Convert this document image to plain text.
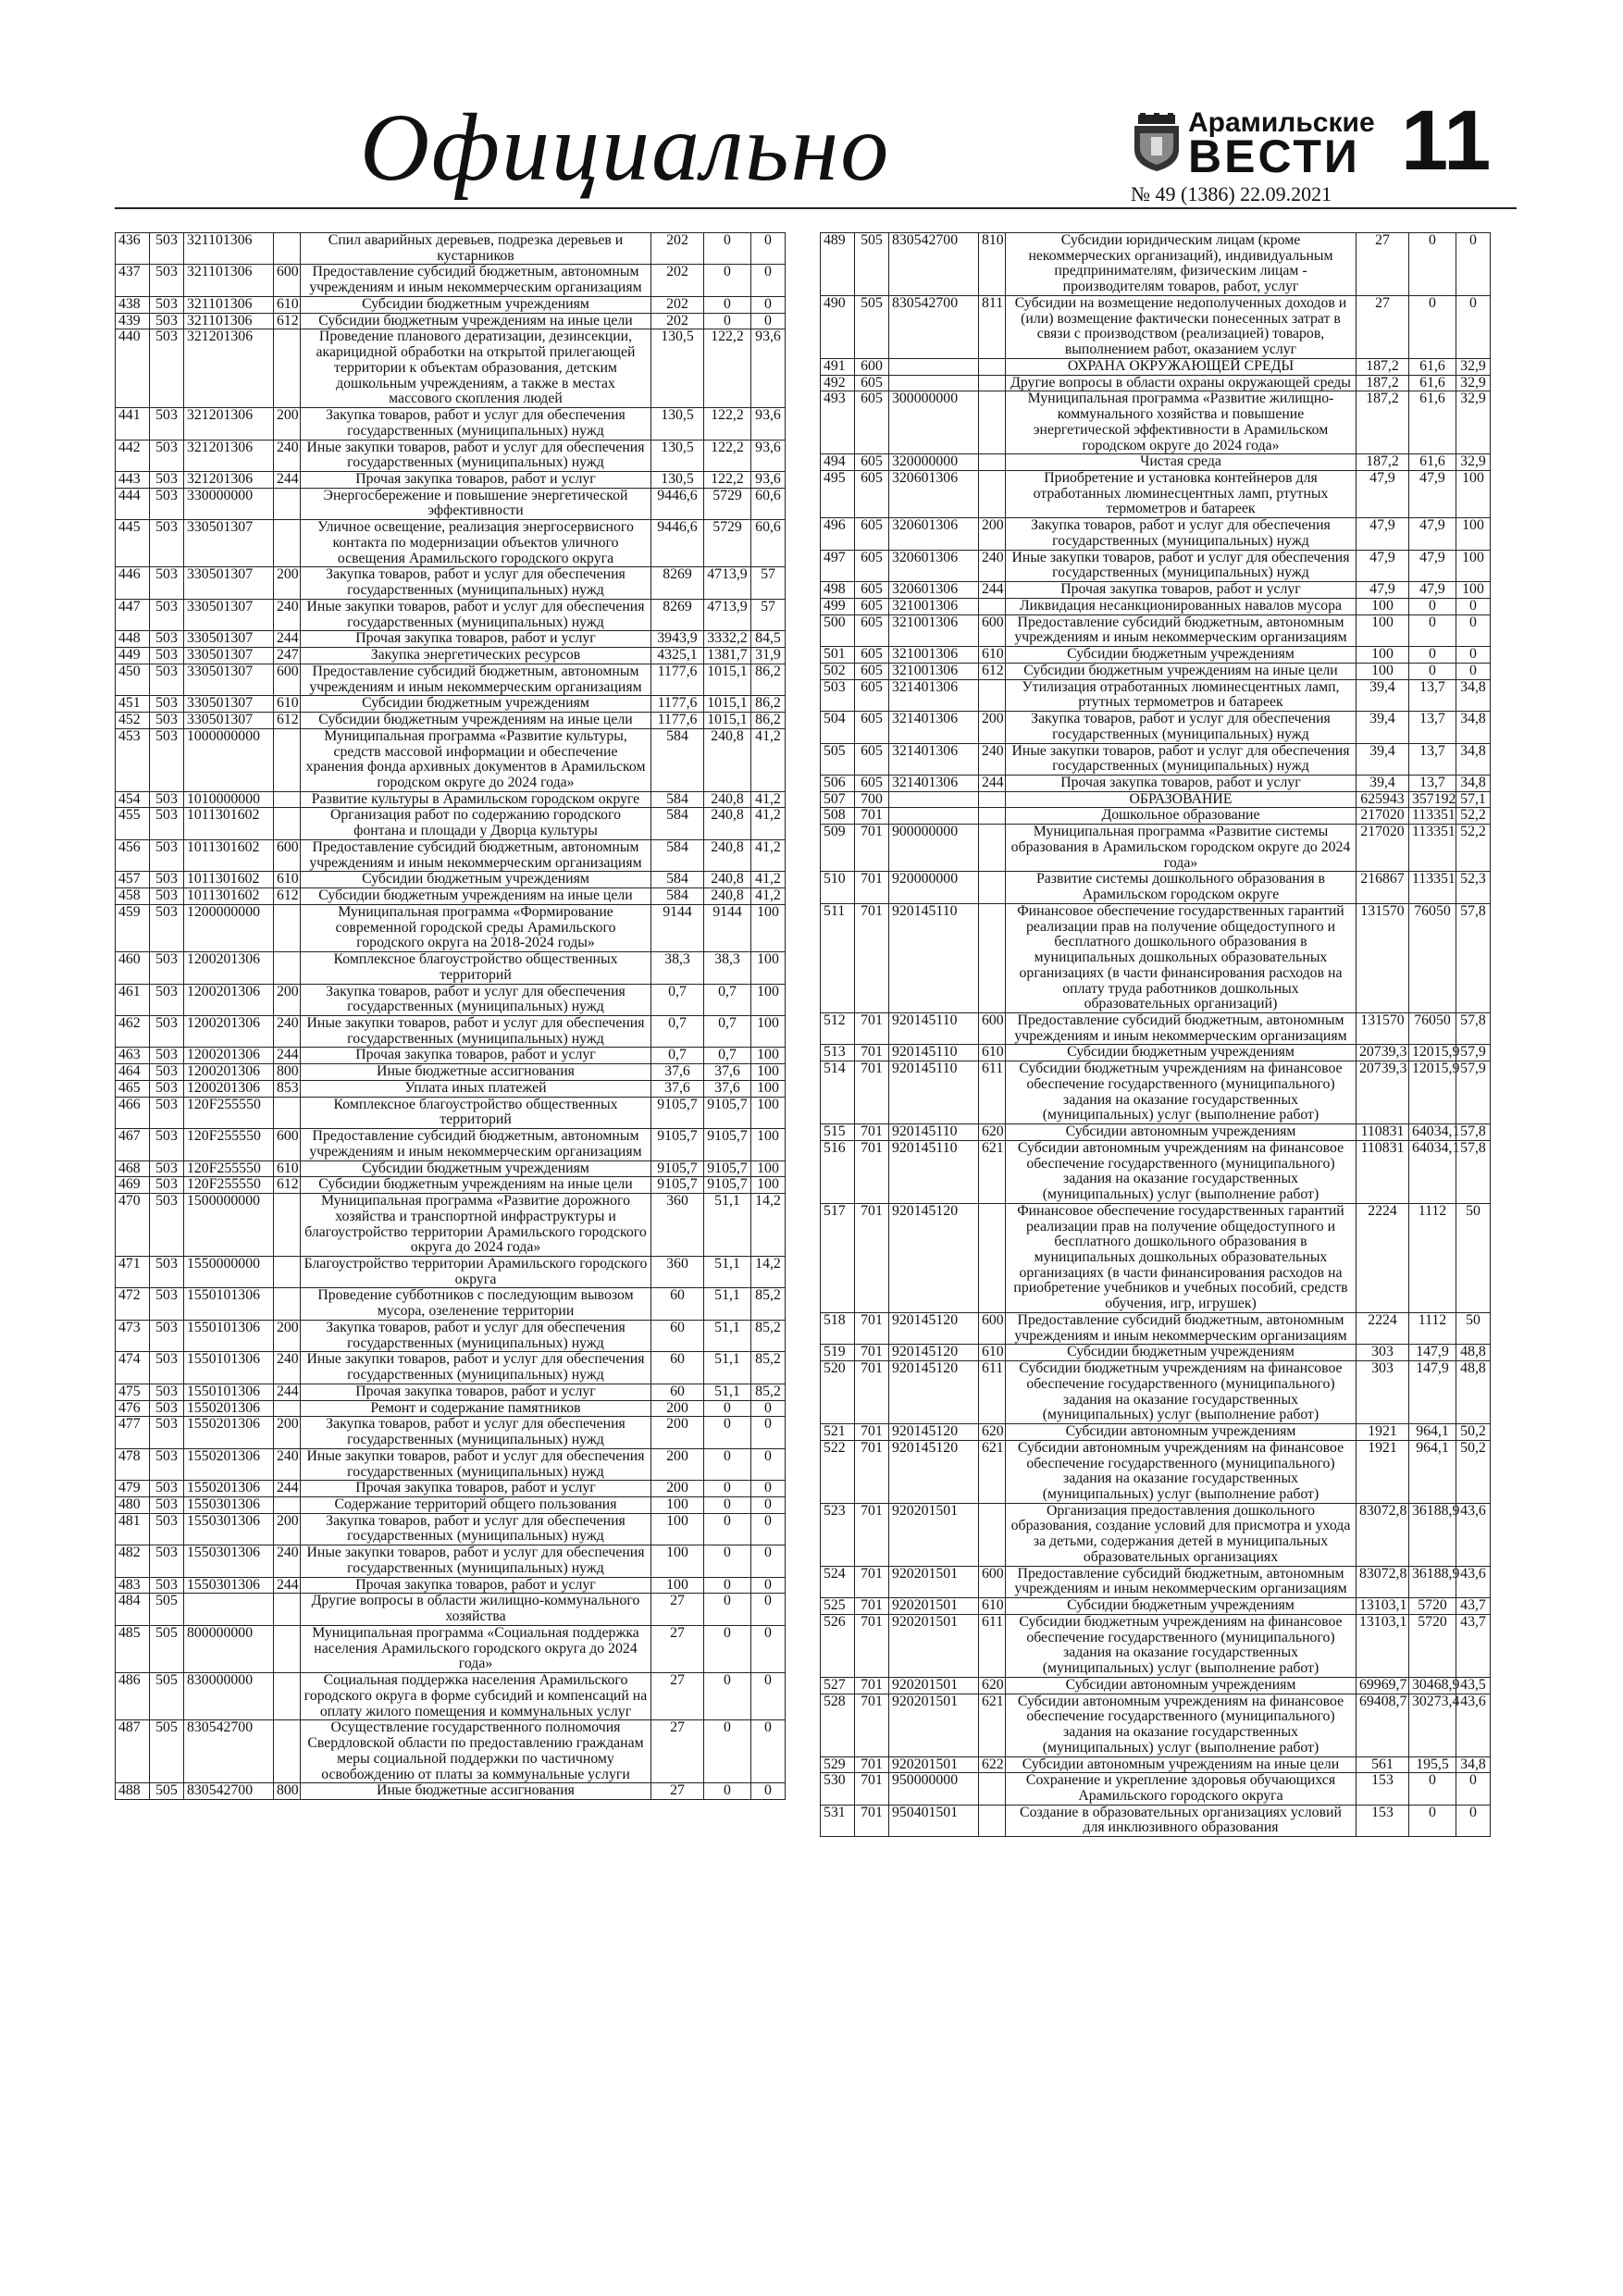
Официально	Арамильские
ВЕСТИ 11
№ 49 (1386) 22.09.2021
436	503	321101306		Спил аварийных деревьев, подрезка деревьев и кустарников	202	0	0
437	503	321101306	600	Предоставление субсидий бюджетным, автономным учреждениям и иным некоммерческим организациям	202	0	0
438	503	321101306	610	Субсидии бюджетным учреждениям	202	0	0
439	503	321101306	612	Субсидии бюджетным учреждениям на иные цели	202	0	0
440	503	321201306		Проведение планового дератизации, дезинсекции, акарицидной обработки на открытой прилегающей территории к объектам образования, детским дошкольным учреждениям, а также в местах массового скопления людей	130,5	122,2	93,6
441	503	321201306	200	Закупка товаров, работ и услуг для обеспечения государственных (муниципальных) нужд	130,5	122,2	93,6
442	503	321201306	240	Иные закупки товаров, работ и услуг для обеспечения государственных (муниципальных) нужд	130,5	122,2	93,6
443	503	321201306	244	Прочая закупка товаров, работ и услуг	130,5	122,2	93,6
444	503	330000000		Энергосбережение и повышение энергетической эффективности	9446,6	5729	60,6
445	503	330501307		Уличное освещение, реализация энергосервисного контакта по модернизации объектов уличного освещения Арамильского городского округа	9446,6	5729	60,6
446	503	330501307	200	Закупка товаров, работ и услуг для обеспечения государственных (муниципальных) нужд	8269	4713,9	57
447	503	330501307	240	Иные закупки товаров, работ и услуг для обеспечения государственных (муниципальных) нужд	8269	4713,9	57
448	503	330501307	244	Прочая закупка товаров, работ и услуг	3943,9	3332,2	84,5
449	503	330501307	247	Закупка энергетических ресурсов	4325,1	1381,7	31,9
450	503	330501307	600	Предоставление субсидий бюджетным, автономным учреждениям и иным некоммерческим организациям	1177,6	1015,1	86,2
451	503	330501307	610	Субсидии бюджетным учреждениям	1177,6	1015,1	86,2
452	503	330501307	612	Субсидии бюджетным учреждениям на иные цели	1177,6	1015,1	86,2
453	503	1000000000		Муниципальная программа «Развитие культуры, средств массовой информации и обеспечение хранения фонда архивных документов в Арамильском городском округе до 2024 года»	584	240,8	41,2
454	503	1010000000		Развитие культуры в Арамильском городском округе	584	240,8	41,2
455	503	1011301602		Организация работ по содержанию городского фонтана и площади у Дворца культуры	584	240,8	41,2
456	503	1011301602	600	Предоставление субсидий бюджетным, автономным учреждениям и иным некоммерческим организациям	584	240,8	41,2
457	503	1011301602	610	Субсидии бюджетным учреждениям	584	240,8	41,2
458	503	1011301602	612	Субсидии бюджетным учреждениям на иные цели	584	240,8	41,2
459	503	1200000000		Муниципальная программа «Формирование современной городской среды Арамильского городского округа на 2018-2024 годы»	9144	9144	100
460	503	1200201306		Комплексное благоустройство общественных территорий	38,3	38,3	100
461	503	1200201306	200	Закупка товаров, работ и услуг для обеспечения государственных (муниципальных) нужд	0,7	0,7	100
462	503	1200201306	240	Иные закупки товаров, работ и услуг для обеспечения государственных (муниципальных) нужд	0,7	0,7	100
463	503	1200201306	244	Прочая закупка товаров, работ и услуг	0,7	0,7	100
464	503	1200201306	800	Иные бюджетные ассигнования	37,6	37,6	100
465	503	1200201306	853	Уплата иных платежей	37,6	37,6	100
466	503	120F255550		Комплексное благоустройство общественных территорий	9105,7	9105,7	100
467	503	120F255550	600	Предоставление субсидий бюджетным, автономным учреждениям и иным некоммерческим организациям	9105,7	9105,7	100
468	503	120F255550	610	Субсидии бюджетным учреждениям	9105,7	9105,7	100
469	503	120F255550	612	Субсидии бюджетным учреждениям на иные цели	9105,7	9105,7	100
470	503	1500000000		Муниципальная программа «Развитие дорожного хозяйства и транспортной инфраструктуры и благоустройство территории Арамильского городского округа до 2024 года»	360	51,1	14,2
471	503	1550000000		Благоустройство территории Арамильского городского округа	360	51,1	14,2
472	503	1550101306		Проведение субботников с последующим вывозом мусора, озеленение территории	60	51,1	85,2
473	503	1550101306	200	Закупка товаров, работ и услуг для обеспечения государственных (муниципальных) нужд	60	51,1	85,2
474	503	1550101306	240	Иные закупки товаров, работ и услуг для обеспечения государственных (муниципальных) нужд	60	51,1	85,2
475	503	1550101306	244	Прочая закупка товаров, работ и услуг	60	51,1	85,2
476	503	1550201306		Ремонт и содержание памятников	200	0	0
477	503	1550201306	200	Закупка товаров, работ и услуг для обеспечения государственных (муниципальных) нужд	200	0	0
478	503	1550201306	240	Иные закупки товаров, работ и услуг для обеспечения государственных (муниципальных) нужд	200	0	0
479	503	1550201306	244	Прочая закупка товаров, работ и услуг	200	0	0
480	503	1550301306		Содержание территорий общего пользования	100	0	0
481	503	1550301306	200	Закупка товаров, работ и услуг для обеспечения государственных (муниципальных) нужд	100	0	0
482	503	1550301306	240	Иные закупки товаров, работ и услуг для обеспечения государственных (муниципальных) нужд	100	0	0
483	503	1550301306	244	Прочая закупка товаров, работ и услуг	100	0	0
484	505			Другие вопросы в области жилищно-коммунального хозяйства	27	0	0
485	505	800000000		Муниципальная программа «Социальная поддержка населения Арамильского городского округа до 2024 года»	27	0	0
486	505	830000000		Социальная поддержка населения Арамильского городского округа в форме субсидий и компенсаций на оплату жилого помещения и коммунальных услуг	27	0	0
487	505	830542700		Осуществление государственного полномочия Свердловской области по предоставлению гражданам меры социальной поддержки по частичному освобождению от платы за коммунальные услуги	27	0	0
488	505	830542700	800	Иные бюджетные ассигнования	27	0	0
489	505	830542700	810	Субсидии юридическим лицам (кроме некоммерческих организаций), индивидуальным предпринимателям, физическим лицам - производителям товаров, работ, услуг	27	0	0
490	505	830542700	811	Субсидии на возмещение недополученных доходов и (или) возмещение фактически понесенных затрат в связи с производством (реализацией) товаров, выполнением работ, оказанием услуг	27	0	0
491	600			ОХРАНА ОКРУЖАЮЩЕЙ СРЕДЫ	187,2	61,6	32,9
492	605			Другие вопросы в области охраны окружающей среды	187,2	61,6	32,9
493	605	300000000		Муниципальная программа «Развитие жилищно-коммунального хозяйства и повышение энергетической эффективности в Арамильском городском округе до 2024 года»	187,2	61,6	32,9
494	605	320000000		Чистая среда	187,2	61,6	32,9
495	605	320601306		Приобретение и установка контейнеров для отработанных люминесцентных ламп, ртутных термометров и батареек	47,9	47,9	100
496	605	320601306	200	Закупка товаров, работ и услуг для обеспечения государственных (муниципальных) нужд	47,9	47,9	100
497	605	320601306	240	Иные закупки товаров, работ и услуг для обеспечения государственных (муниципальных) нужд	47,9	47,9	100
498	605	320601306	244	Прочая закупка товаров, работ и услуг	47,9	47,9	100
499	605	321001306		Ликвидация несанкционированных навалов мусора	100	0	0
500	605	321001306	600	Предоставление субсидий бюджетным, автономным учреждениям и иным некоммерческим организациям	100	0	0
501	605	321001306	610	Субсидии бюджетным учреждениям	100	0	0
502	605	321001306	612	Субсидии бюджетным учреждениям на иные цели	100	0	0
503	605	321401306		Утилизация отработанных люминесцентных ламп, ртутных термометров и батареек	39,4	13,7	34,8
504	605	321401306	200	Закупка товаров, работ и услуг для обеспечения государственных (муниципальных) нужд	39,4	13,7	34,8
505	605	321401306	240	Иные закупки товаров, работ и услуг для обеспечения государственных (муниципальных) нужд	39,4	13,7	34,8
506	605	321401306	244	Прочая закупка товаров, работ и услуг	39,4	13,7	34,8
507	700			ОБРАЗОВАНИЕ	625943	357192	57,1
508	701			Дошкольное образование	217020	113351	52,2
509	701	900000000		Муниципальная программа «Развитие системы образования в Арамильском городском округе до 2024 года»	217020	113351	52,2
510	701	920000000		Развитие системы дошкольного образования в Арамильском городском округе	216867	113351	52,3
511	701	920145110		Финансовое обеспечение государственных гарантий реализации прав на получение общедоступного и бесплатного дошкольного образования в муниципальных дошкольных образовательных организациях (в части финансирования расходов на оплату труда работников дошкольных образовательных организаций)	131570	76050	57,8
512	701	920145110	600	Предоставление субсидий бюджетным, автономным учреждениям и иным некоммерческим организациям	131570	76050	57,8
513	701	920145110	610	Субсидии бюджетным учреждениям	20739,3	12015,9	57,9
514	701	920145110	611	Субсидии бюджетным учреждениям на финансовое обеспечение государственного (муниципального) задания на оказание государственных (муниципальных) услуг (выполнение работ)	20739,3	12015,9	57,9
515	701	920145110	620	Субсидии автономным учреждениям	110831	64034,1	57,8
516	701	920145110	621	Субсидии автономным учреждениям на финансовое обеспечение государственного (муниципального) задания на оказание государственных (муниципальных) услуг (выполнение работ)	110831	64034,1	57,8
517	701	920145120		Финансовое обеспечение государственных гарантий реализации прав на получение общедоступного и бесплатного дошкольного образования в муниципальных дошкольных образовательных организациях (в части финансирования расходов на приобретение учебников и учебных пособий, средств обучения, игр, игрушек)	2224	1112	50
518	701	920145120	600	Предоставление субсидий бюджетным, автономным учреждениям и иным некоммерческим организациям	2224	1112	50
519	701	920145120	610	Субсидии бюджетным учреждениям	303	147,9	48,8
520	701	920145120	611	Субсидии бюджетным учреждениям на финансовое обеспечение государственного (муниципального) задания на оказание государственных (муниципальных) услуг (выполнение работ)	303	147,9	48,8
521	701	920145120	620	Субсидии автономным учреждениям	1921	964,1	50,2
522	701	920145120	621	Субсидии автономным учреждениям на финансовое обеспечение государственного (муниципального) задания на оказание государственных (муниципальных) услуг (выполнение работ)	1921	964,1	50,2
523	701	920201501		Организация предоставления дошкольного образования, создание условий для присмотра и ухода за детьми, содержания детей в муниципальных образовательных организациях	83072,8	36188,9	43,6
524	701	920201501	600	Предоставление субсидий бюджетным, автономным учреждениям и иным некоммерческим организациям	83072,8	36188,9	43,6
525	701	920201501	610	Субсидии бюджетным учреждениям	13103,1	5720	43,7
526	701	920201501	611	Субсидии бюджетным учреждениям на финансовое обеспечение государственного (муниципального) задания на оказание государственных (муниципальных) услуг (выполнение работ)	13103,1	5720	43,7
527	701	920201501	620	Субсидии автономным учреждениям	69969,7	30468,9	43,5
528	701	920201501	621	Субсидии автономным учреждениям на финансовое обеспечение государственного (муниципального) задания на оказание государственных (муниципальных) услуг (выполнение работ)	69408,7	30273,4	43,6
529	701	920201501	622	Субсидии автономным учреждениям на иные цели	561	195,5	34,8
530	701	950000000		Сохранение и укрепление здоровья обучающихся Арамильского городского округа	153	0	0
531	701	950401501		Создание в образовательных организациях условий для инклюзивного образования	153	0	0
